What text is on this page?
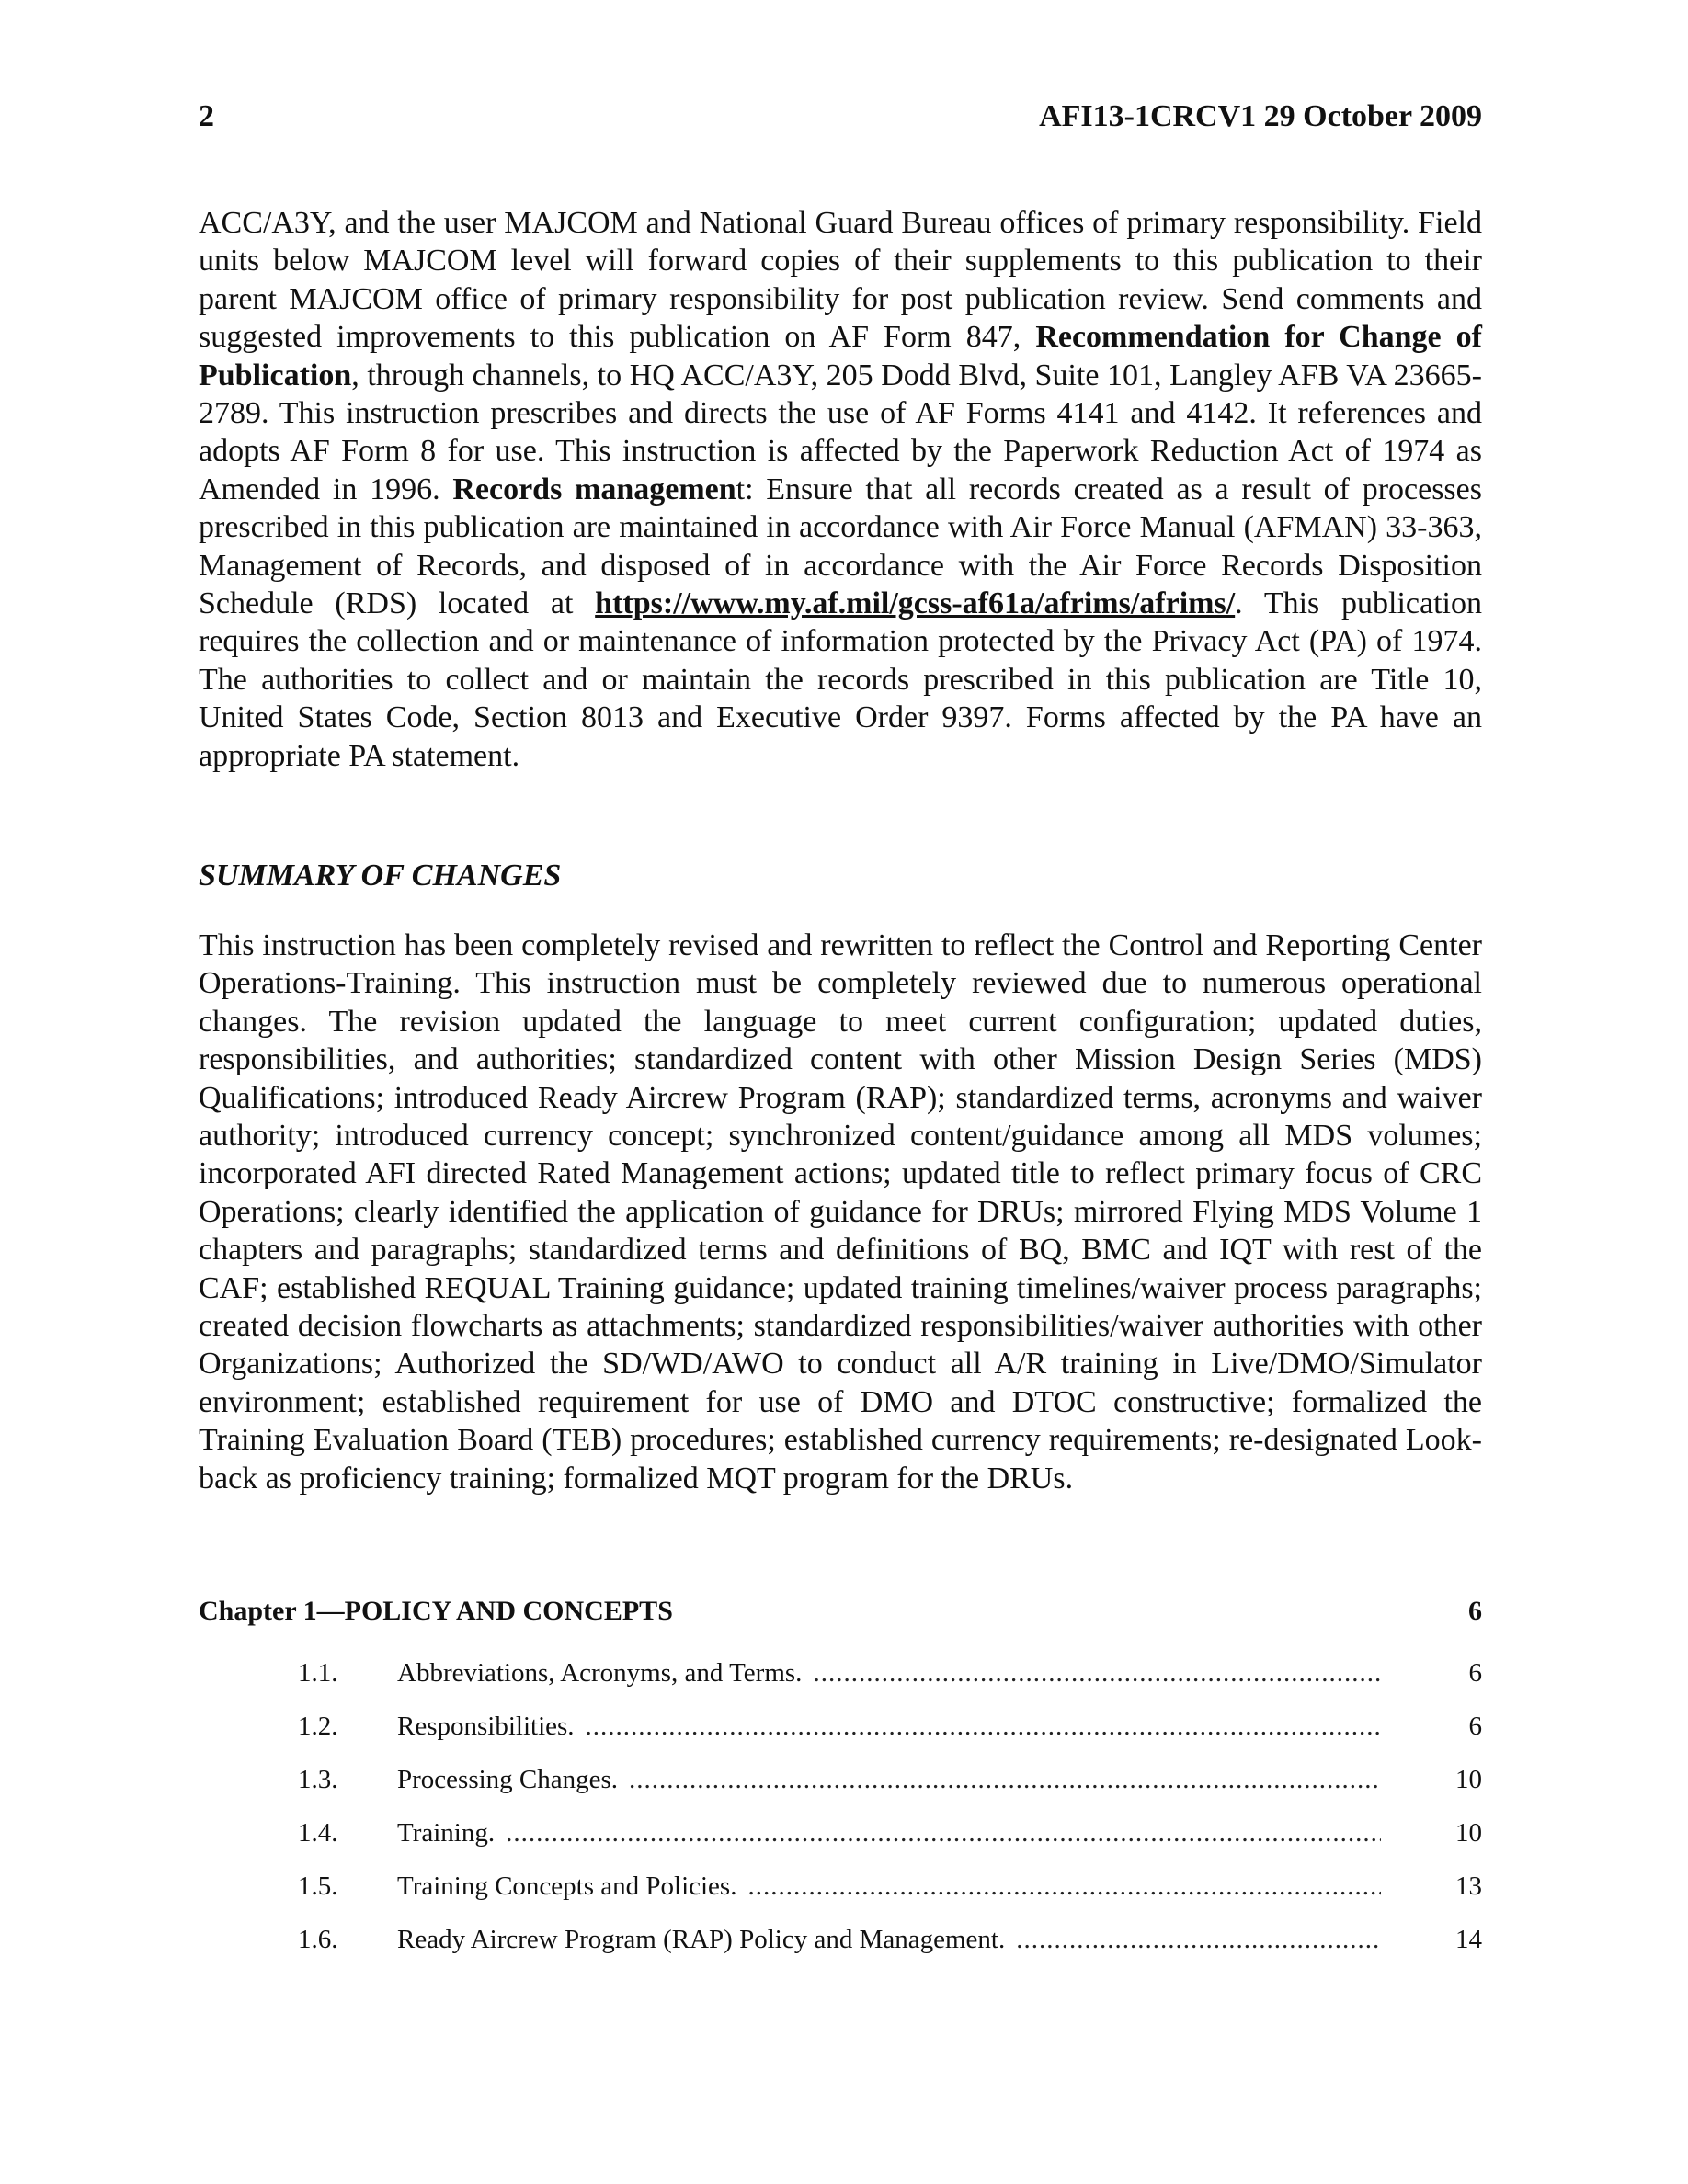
2	AFI13-1CRCV1 29 October 2009

ACC/A3Y, and the user MAJCOM and National Guard Bureau offices of primary responsibility. Field units below MAJCOM level will forward copies of their supplements to this publication to their parent MAJCOM office of primary responsibility for post publication review. Send comments and suggested improvements to this publication on AF Form 847, Recommendation for Change of Publication, through channels, to HQ ACC/A3Y, 205 Dodd Blvd, Suite 101, Langley AFB VA 23665-2789. This instruction prescribes and directs the use of AF Forms 4141 and 4142. It references and adopts AF Form 8 for use. This instruction is affected by the Paperwork Reduction Act of 1974 as Amended in 1996. Records management: Ensure that all records created as a result of processes prescribed in this publication are maintained in accordance with Air Force Manual (AFMAN) 33-363, Management of Records, and disposed of in accordance with the Air Force Records Disposition Schedule (RDS) located at https://www.my.af.mil/gcss-af61a/afrims/afrims/. This publication requires the collection and or maintenance of information protected by the Privacy Act (PA) of 1974. The authorities to collect and or maintain the records prescribed in this publication are Title 10, United States Code, Section 8013 and Executive Order 9397. Forms affected by the PA have an appropriate PA statement.

SUMMARY OF CHANGES

This instruction has been completely revised and rewritten to reflect the Control and Reporting Center Operations-Training. This instruction must be completely reviewed due to numerous operational changes. The revision updated the language to meet current configuration; updated duties, responsibilities, and authorities; standardized content with other Mission Design Series (MDS) Qualifications; introduced Ready Aircrew Program (RAP); standardized terms, acronyms and waiver authority; introduced currency concept; synchronized content/guidance among all MDS volumes; incorporated AFI directed Rated Management actions; updated title to reflect primary focus of CRC Operations; clearly identified the application of guidance for DRUs; mirrored Flying MDS Volume 1 chapters and paragraphs; standardized terms and definitions of BQ, BMC and IQT with rest of the CAF; established REQUAL Training guidance; updated training timelines/waiver process paragraphs; created decision flowcharts as attachments; standardized responsibilities/waiver authorities with other Organizations; Authorized the SD/WD/AWO to conduct all A/R training in Live/DMO/Simulator environment; established requirement for use of DMO and DTOC constructive; formalized the Training Evaluation Board (TEB) procedures; established currency requirements; re-designated Look-back as proficiency training; formalized MQT program for the DRUs.

Chapter 1—POLICY AND CONCEPTS	6
1.1.	Abbreviations, Acronyms, and Terms. .....	6
1.2.	Responsibilities. .....	6
1.3.	Processing Changes. .....	10
1.4.	Training. .....	10
1.5.	Training Concepts and Policies. .....	13
1.6.	Ready Aircrew Program (RAP) Policy and Management. .....	14
